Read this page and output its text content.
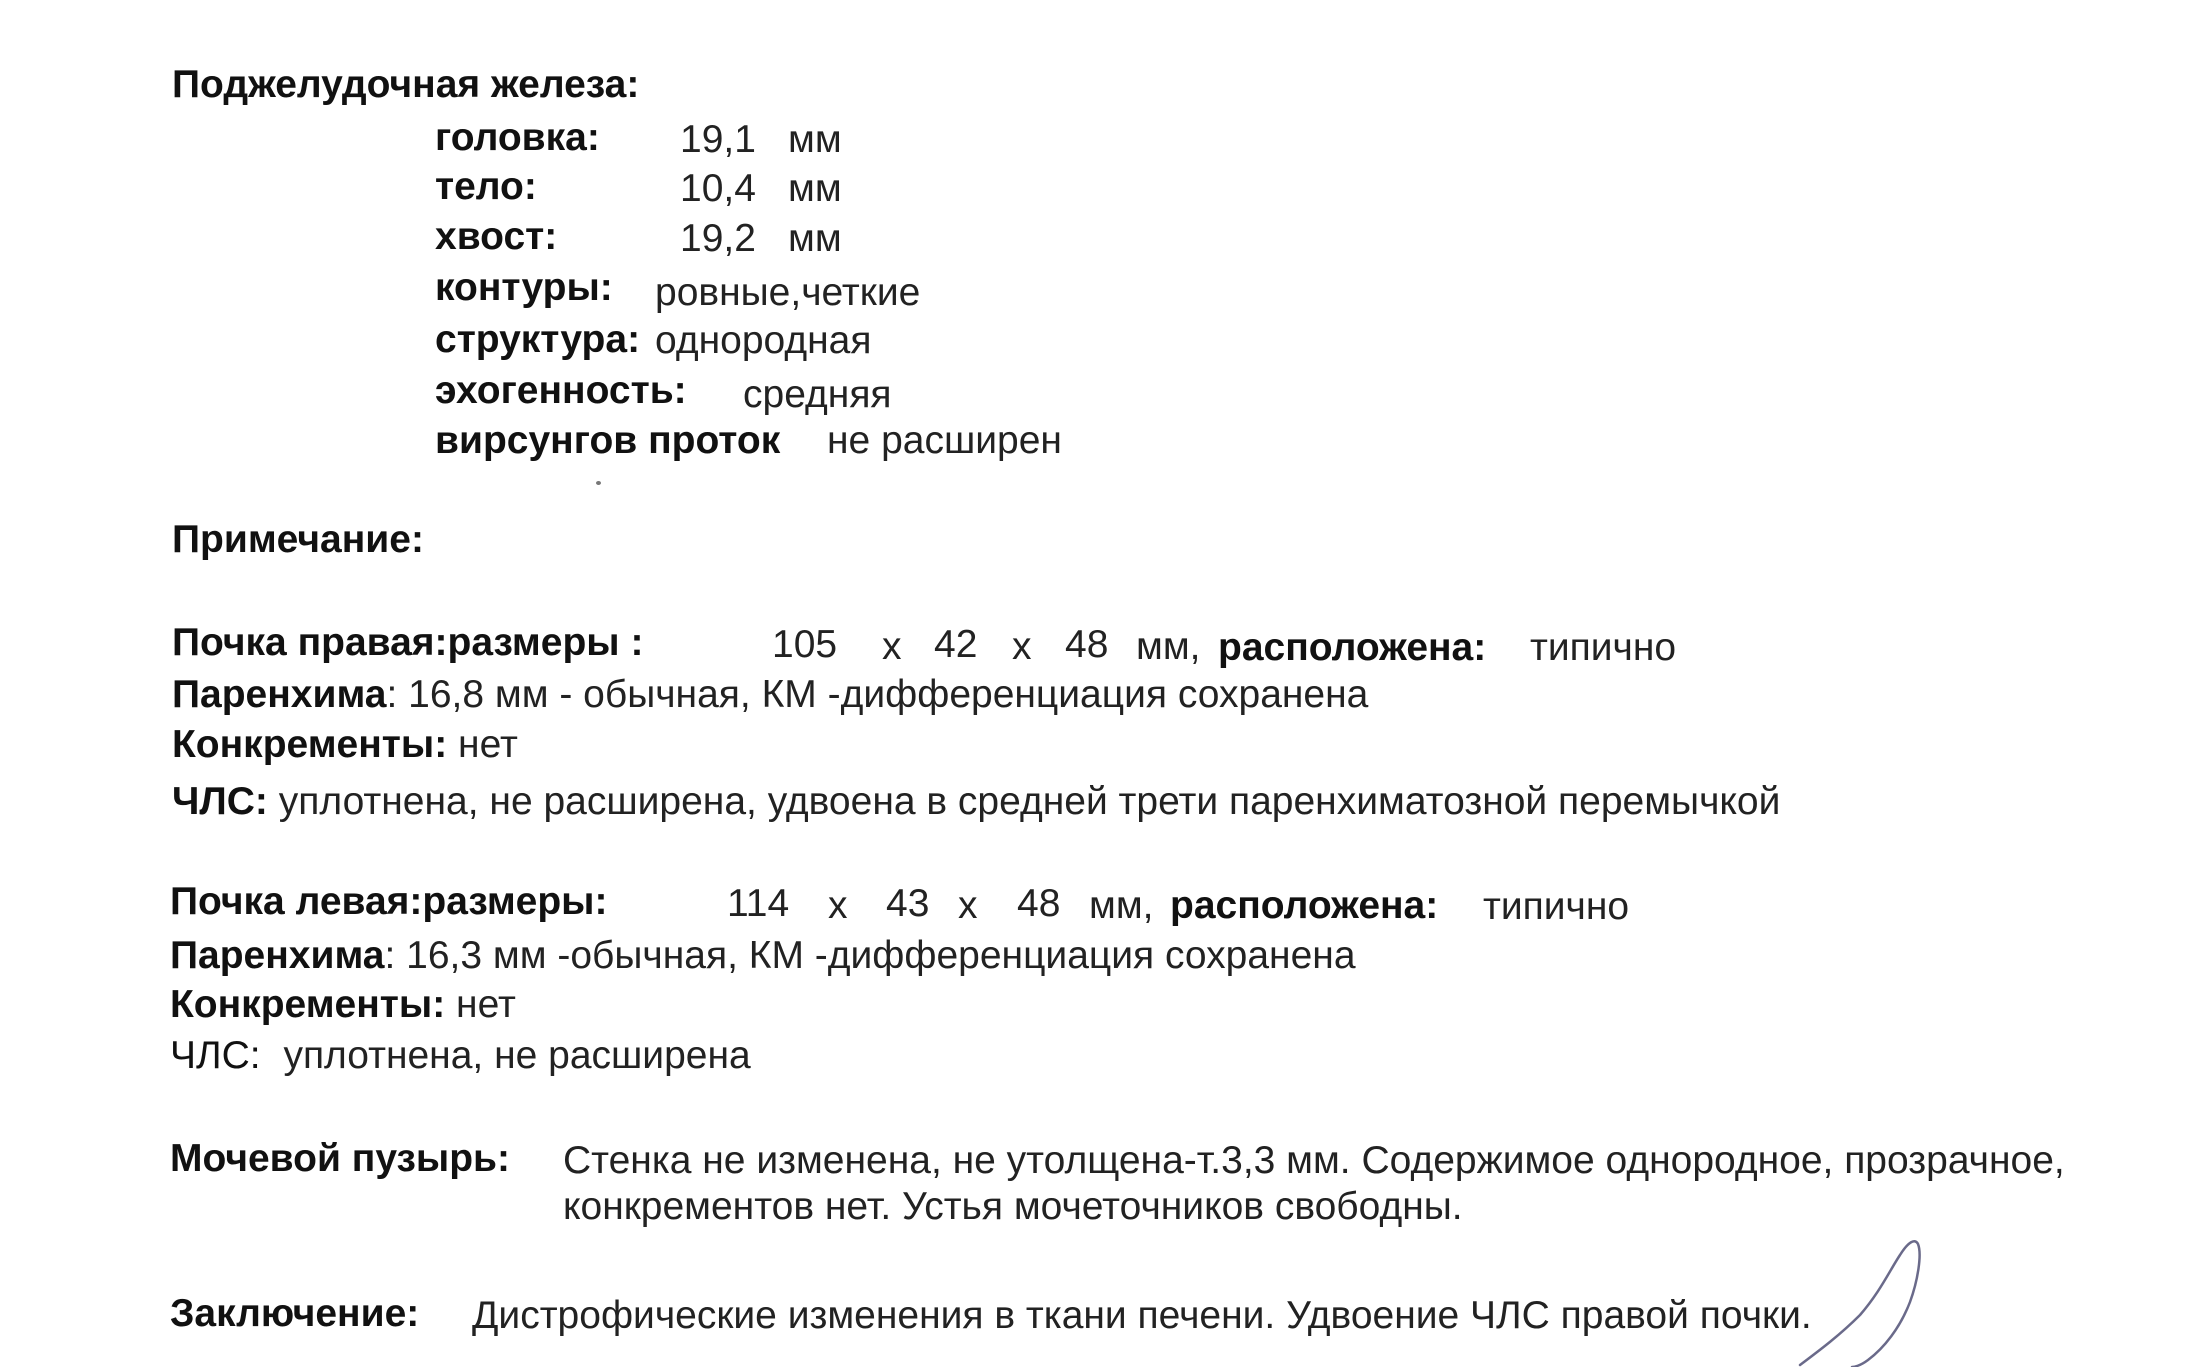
Поджелудочная железа:
головка: 19,1 мм
тело:	10,4 мм
хвост:	19,2 мм
контуры: ровные,четкие
структура: однородная
эхогенность: средняя
вирсунгов проток не расширен
Примечание:
Почка правая:размеры :	105 x 42 x 48 мм, расположена: типично
Паренхима: 16,8 мм - обычная, КМ -дифференциация сохранена
Конкременты: нет
ЧЛС: уплотнена, не расширена, удвоена в средней трети паренхиматозной перемычкой
Почка левая:размеры:	114 x 43 x 48 мм, расположена: типично
Паренхима: 16,3 мм -обычная, КМ -дифференциация сохранена
Конкременты: нет
ЧЛС: уплотнена, не расширена
Мочевой пузырь: Стенка не изменена, не утолщена-т.3,3 мм. Содержимое однородное, прозрачное,
конкрементов нет. Устья мочеточников свободны.
Заключение: Дистрофические изменения в ткани печени. Удвоение ЧЛС правой почки.
